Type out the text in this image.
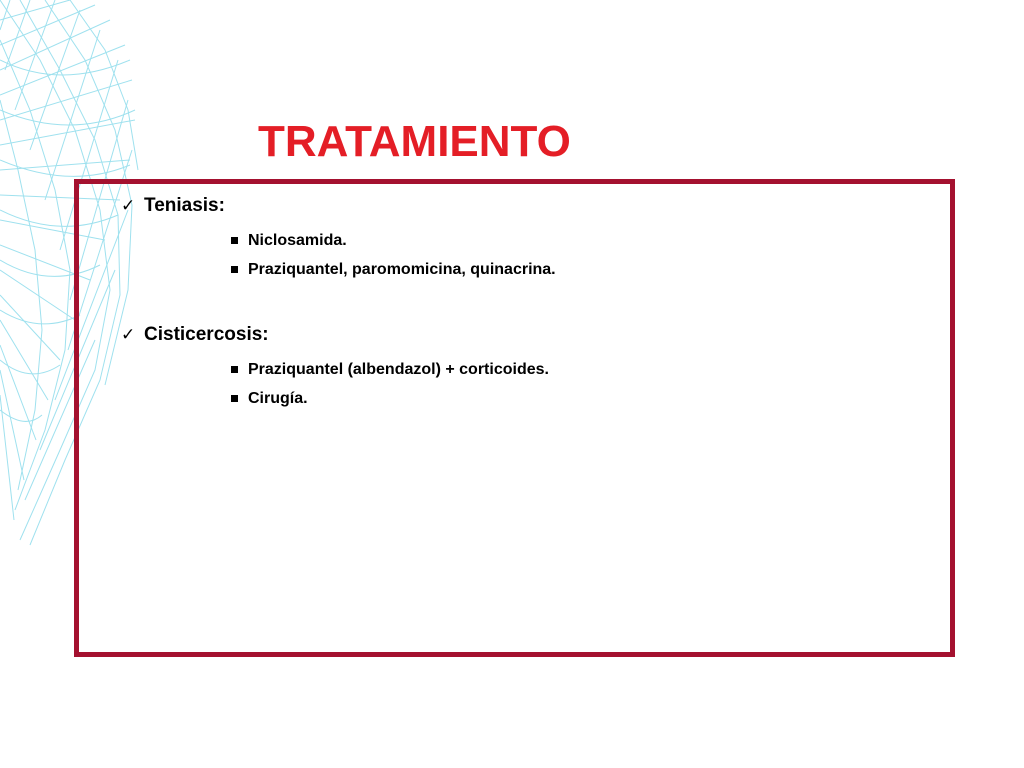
TRATAMIENTO
✓ Teniasis:
Niclosamida.
Praziquantel, paromomicina, quinacrina.
✓ Cisticercosis:
Praziquantel (albendazol) + corticoides.
Cirugía.
